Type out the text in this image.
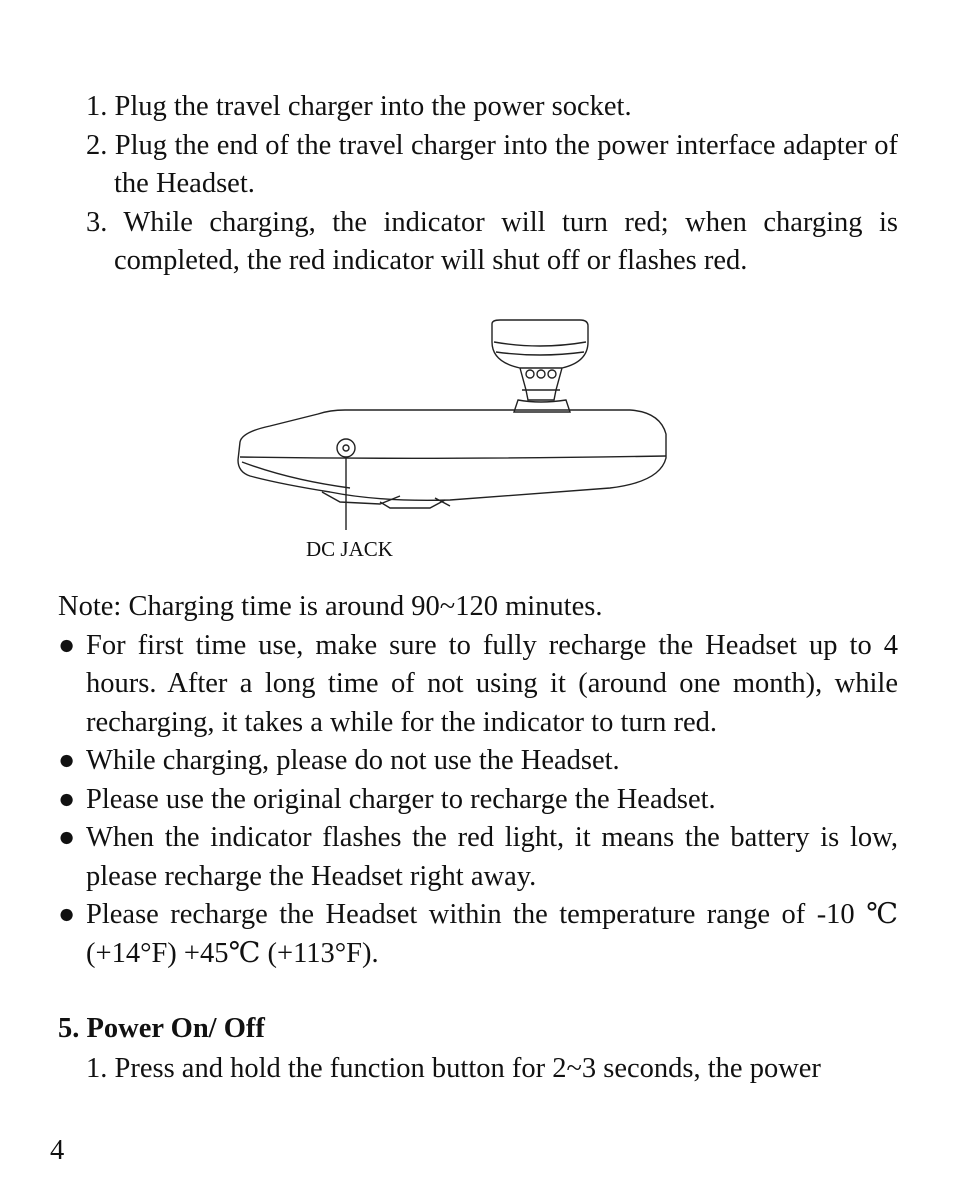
1. Plug the travel charger into the power socket.
2. Plug the end of the travel charger into the power interface adapter of the Headset.
3. While charging, the indicator will turn red; when charging is completed, the red indicator will shut off or flashes red.
DC JACK
Note: Charging time is around 90~120 minutes.
● For first time use, make sure to fully recharge the Headset up to 4 hours. After a long time of not using it (around one month), while recharging, it takes a while for the indicator to turn red.
● While charging, please do not use the Headset.
● Please use the original charger to recharge the Headset.
● When the indicator flashes the red light, it means the battery is low, please recharge the Headset right away.
● Please recharge the Headset within the temperature range of -10 ℃ (+14°F) +45℃ (+113°F).
5. Power On/ Off
1. Press and hold the function button for 2~3 seconds, the power
4
